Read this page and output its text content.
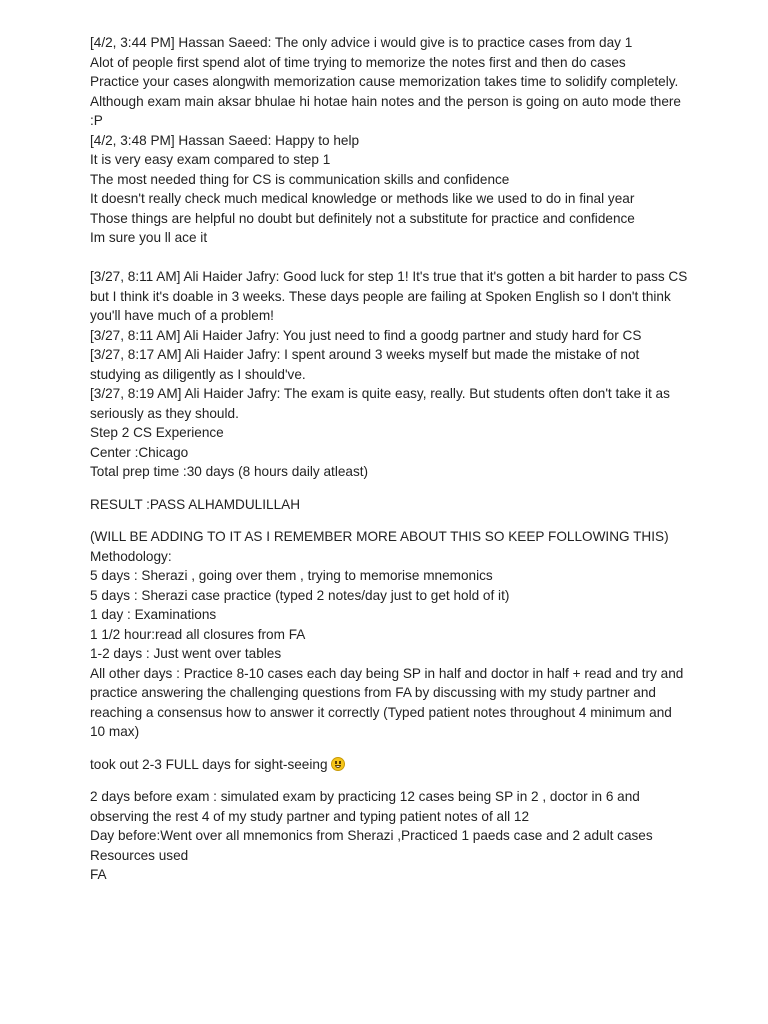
[4/2, 3:44 PM] Hassan Saeed: The only advice i would give is to practice cases from day 1

Alot of people first spend alot of time trying to memorize the notes first and then do cases

Practice your cases alongwith memorization cause memorization takes time to solidify completely.

Although exam main aksar bhulae hi hotae hain notes and the person is going on auto mode there :P

[4/2, 3:48 PM] Hassan Saeed: Happy to help

It is very easy exam compared to step 1

The most needed thing for CS is communication skills and confidence

It doesn't really check much medical knowledge or methods like we used to do in final year

Those things are helpful no doubt but definitely not a substitute for practice and confidence

Im sure you ll ace it

[3/27, 8:11 AM] Ali Haider Jafry: Good luck for step 1! It's true that it's gotten a bit harder to pass CS but I think it's doable in 3 weeks. These days people are failing at Spoken English so I don't think you'll have much of a problem!

[3/27, 8:11 AM] Ali Haider Jafry: You just need to find a goodg partner and study hard for CS

[3/27, 8:17 AM] Ali Haider Jafry: I spent around 3 weeks myself but made the mistake of not studying as diligently as I should've.

[3/27, 8:19 AM] Ali Haider Jafry: The exam is quite easy, really. But students often don't take it as seriously as they should.

Step 2 CS Experience

Center :Chicago

Total prep time :30 days (8 hours daily atleast)

RESULT :PASS ALHAMDULILLAH

(WILL BE ADDING TO IT AS I REMEMBER MORE ABOUT THIS SO KEEP FOLLOWING THIS)

Methodology:

5 days : Sherazi , going over them , trying to memorise mnemonics

5 days : Sherazi case practice (typed 2 notes/day just to get hold of it)

1 day : Examinations

1 1/2 hour:read all closures from FA

1-2 days : Just went over tables

All other days : Practice 8-10 cases each day being SP in half and doctor in half + read and try and practice answering the challenging questions from FA by discussing with my study partner and reaching a consensus how to answer it correctly (Typed patient notes throughout 4 minimum and 10 max)

took out 2-3 FULL days for sight-seeing

2 days before exam : simulated exam by practicing 12 cases being SP in 2 , doctor in 6 and observing the rest 4 of my study partner and typing patient notes of all 12

Day before:Went over all mnemonics from Sherazi ,Practiced 1 paeds case and 2 adult cases

Resources used

FA
